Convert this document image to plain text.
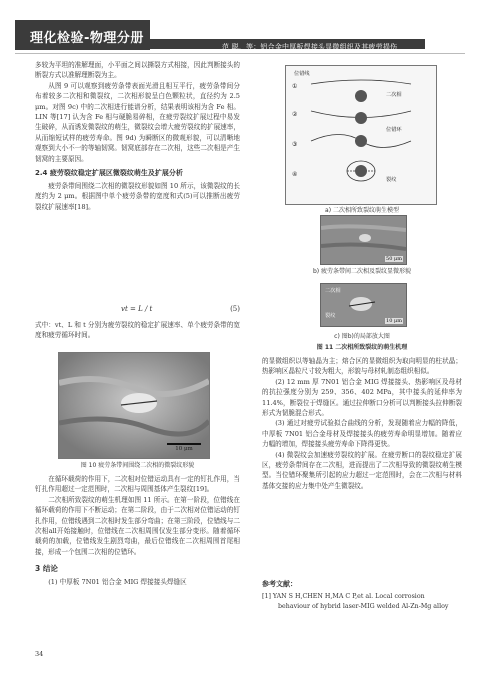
理化检验-物理分册
范 聪，等：铝合金中厚板焊接头显微组织及其疲劳损伤

多较为平坦的准解理面，小平面之间以撕裂方式相接，因此判断接头的断裂方式以准解理断裂为主。

从图 9 可以观察到疲劳条带表面光滑且相互平行，疲劳条带间分布着较多二次相和微裂纹，二次相形貌呈白色颗粒状，直径约为 2.5 μm。对图 9c) 中的二次相进行能谱分析，结果表明该相为含 Fe 相。LIN 等[17] 认为含 Fe 相与硬脆易碎相，在疲劳裂纹扩展过程中易发生破碎，从而诱发微裂纹的萌生，微裂纹会增大疲劳裂纹的扩展速率，从而缩短试样的疲劳寿命。图 9d) 为瞬断区的微观形貌，可以清晰地观察到大小不一的等轴韧窝。韧窝底部存在二次相，这些二次相是产生韧窝的主要原因。

2.4 疲劳裂纹稳定扩展区微裂纹萌生及扩展分析

疲劳条带间围绕二次相的微裂纹形貌如图 10 所示，该微裂纹的长度约为 2 μm。根据图中单个疲劳条带的宽度和式(5)可以推断出疲劳裂纹扩展速率[18]。

vt = L / t	(5)

式中：vt、L 和 t 分别为疲劳裂纹的稳定扩展速率、单个疲劳条带的宽度和疲劳循环时间。

10 μm
图 10 疲劳条带间围绕二次相的微裂纹形貌

在循环载荷的作用下，二次相对位错运动具有一定的钉扎作用，当钉扎作用超过一定范围时，二次相与周围基体产生裂纹[19]。

二次相所致裂纹的萌生机理如图 11 所示。在第一阶段，位错线在循环载荷的作用下不断运动；在第二阶段，由于二次相对位错运动的钉扎作用，位错线遇到二次相时发生部分弯曲；在第三阶段，位错线与二次相all开始接触时，位错线在二次相周围仅发生部分变形。随着循环载荷的加载，位错线发生剧烈弯曲，最后位错线在二次相周围首尾相接，形成一个包围二次相的位错环。

3 结论

(1) 中厚板 7N01 铝合金 MIG 焊接接头焊缝区

①
②
③
④
位错线
二次相
位错环
裂纹
a) 二次相所致裂纹萌生模型
50 μm
b) 疲劳条带间二次相及裂纹显微形貌
二次相
裂纹
10 μm
c) 图b)的局部放大图
图 11 二次相所致裂纹的萌生机理

的显微组织以等轴晶为主；熔合区的显微组织为取向明显的柱状晶；热影响区晶粒尺寸较为粗大，形貌与母材轧制态组织相似。

(2) 12 mm 厚 7N01 铝合金 MIG 焊接接头、热影响区及母材的抗拉强度分别为 259、356、402 MPa，其中接头的延伸率为 11.4%，断裂位于焊缝区。通过拉伸断口分析可以判断接头拉伸断裂形式为韧脆混合形式。

(3) 通过对疲劳试验拟合曲线的分析，发现随着应力幅的降低，中厚板 7N01 铝合金母材及焊接接头的疲劳寿命明显增加。随着应力幅的增加，焊接接头疲劳寿命下降得更快。

(4) 微裂纹会加速疲劳裂纹的扩展。在疲劳断口的裂纹稳定扩展区，疲劳条带间存在二次相，进而提出了二次相导致的微裂纹萌生模型。当位错环聚集所引起的应力超过一定范围时，会在二次相与材料基体交接的应力集中处产生微裂纹。

参考文献：

[1] YAN S H,CHEN H,MA C P,et al. Local corrosion

behaviour of hybrid laser-MIG welded Al-Zn-Mg alloy

34
